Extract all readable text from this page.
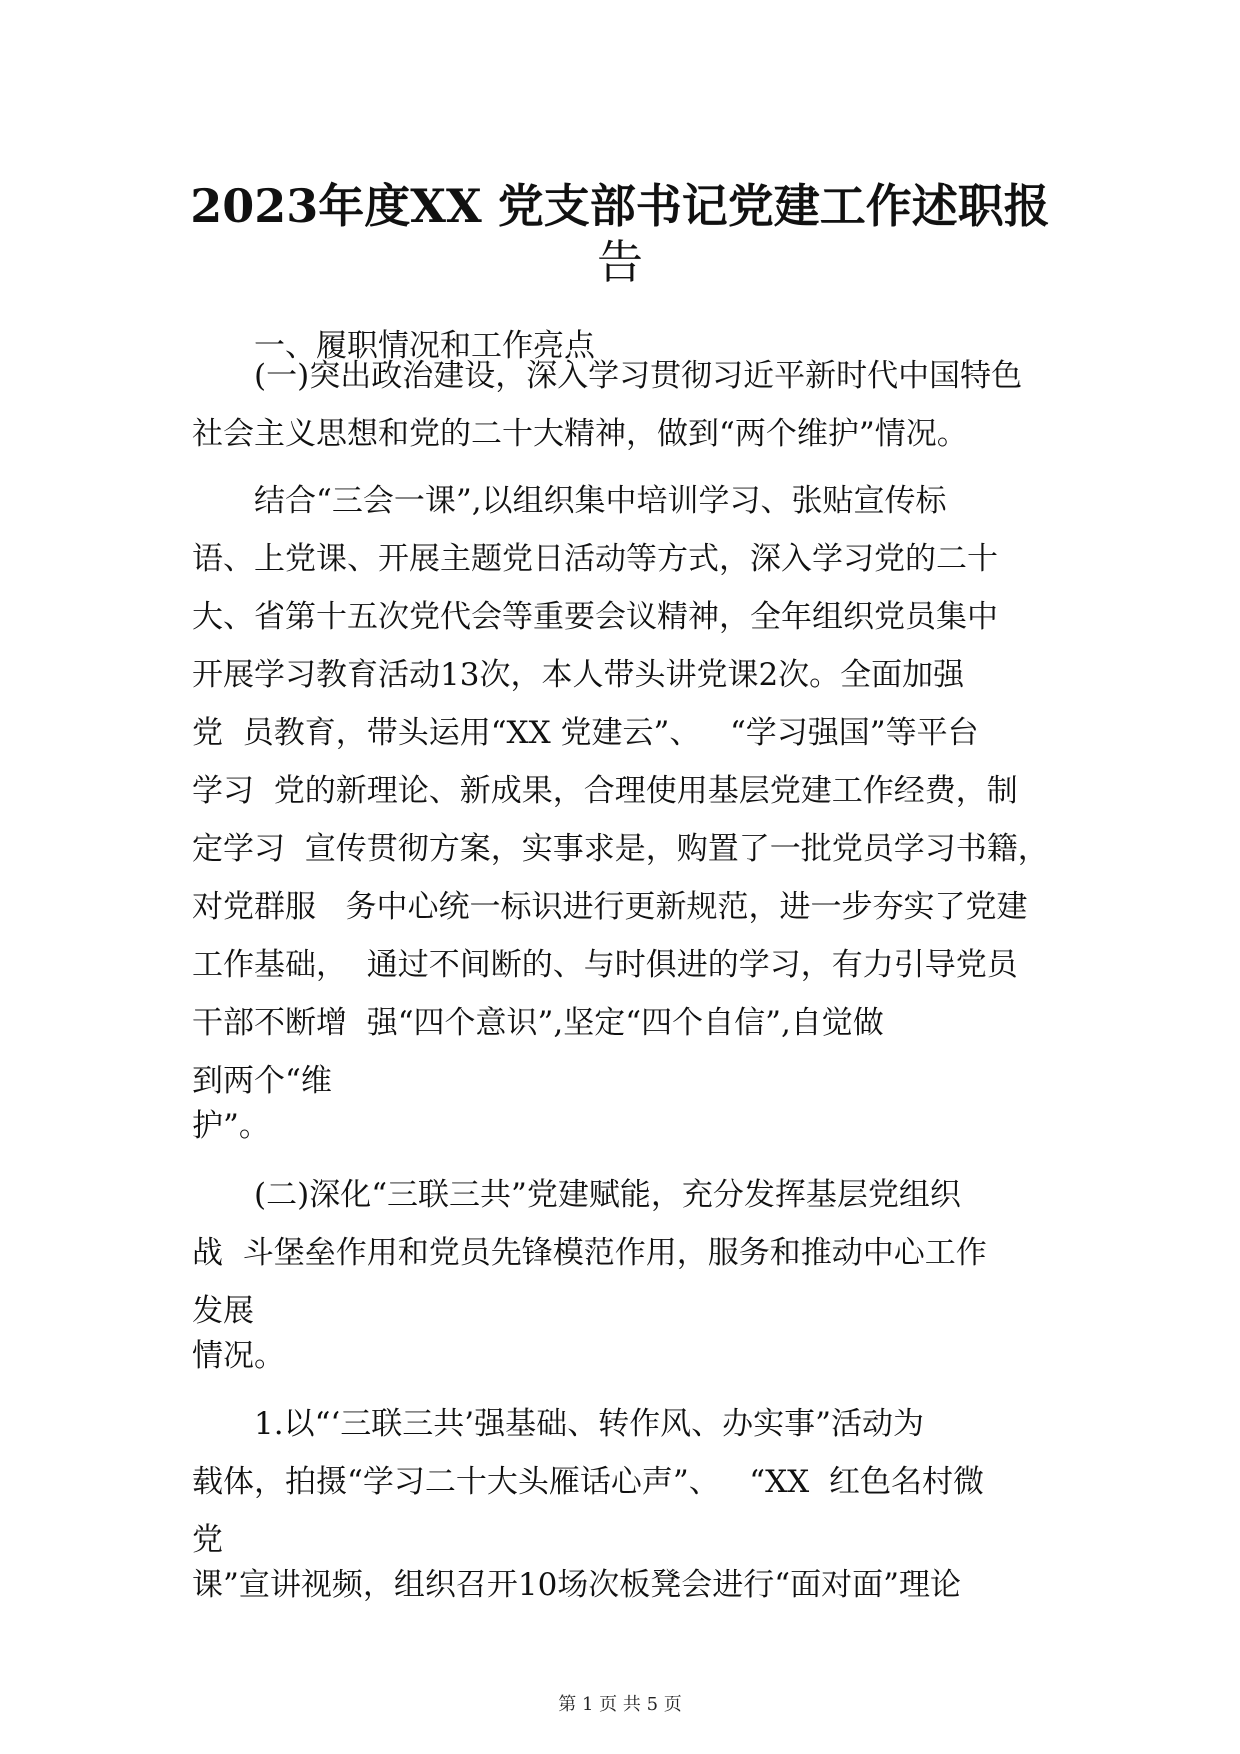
2023年度XX 党支部书记党建工作述职报
告

一、履职情况和工作亮点

(一)突出政治建设，深入学习贯彻习近平新时代中国特色

社会主义思想和党的二十大精神，做到“两个维护”情况。

结合“三会一课”,以组织集中培训学习、张贴宣传标

语、上党课、开展主题党日活动等方式，深入学习党的二十

大、省第十五次党代会等重要会议精神，全年组织党员集中

开展学习教育活动13次，本人带头讲党课2次。全面加强

党  员教育，带头运用“XX 党建云”、   “学习强国”等平台

学习  党的新理论、新成果，合理使用基层党建工作经费，制

定学习  宣传贯彻方案，实事求是，购置了一批党员学习书籍，

对党群服   务中心统一标识进行更新规范，进一步夯实了党建

工作基础，  通过不间断的、与时俱进的学习，有力引导党员

干部不断增  强“四个意识”,坚定“四个自信”,自觉做

到两个“维

护”。

(二)深化“三联三共”党建赋能，充分发挥基层党组织

战  斗堡垒作用和党员先锋模范作用，服务和推动中心工作

发展

情况。

1.以“‘三联三共’强基础、转作风、办实事”活动为

载体，拍摄“学习二十大头雁话心声”、   “XX  红色名村微

党

课”宣讲视频，组织召开10场次板凳会进行“面对面”理论

第 1 页 共 5 页
